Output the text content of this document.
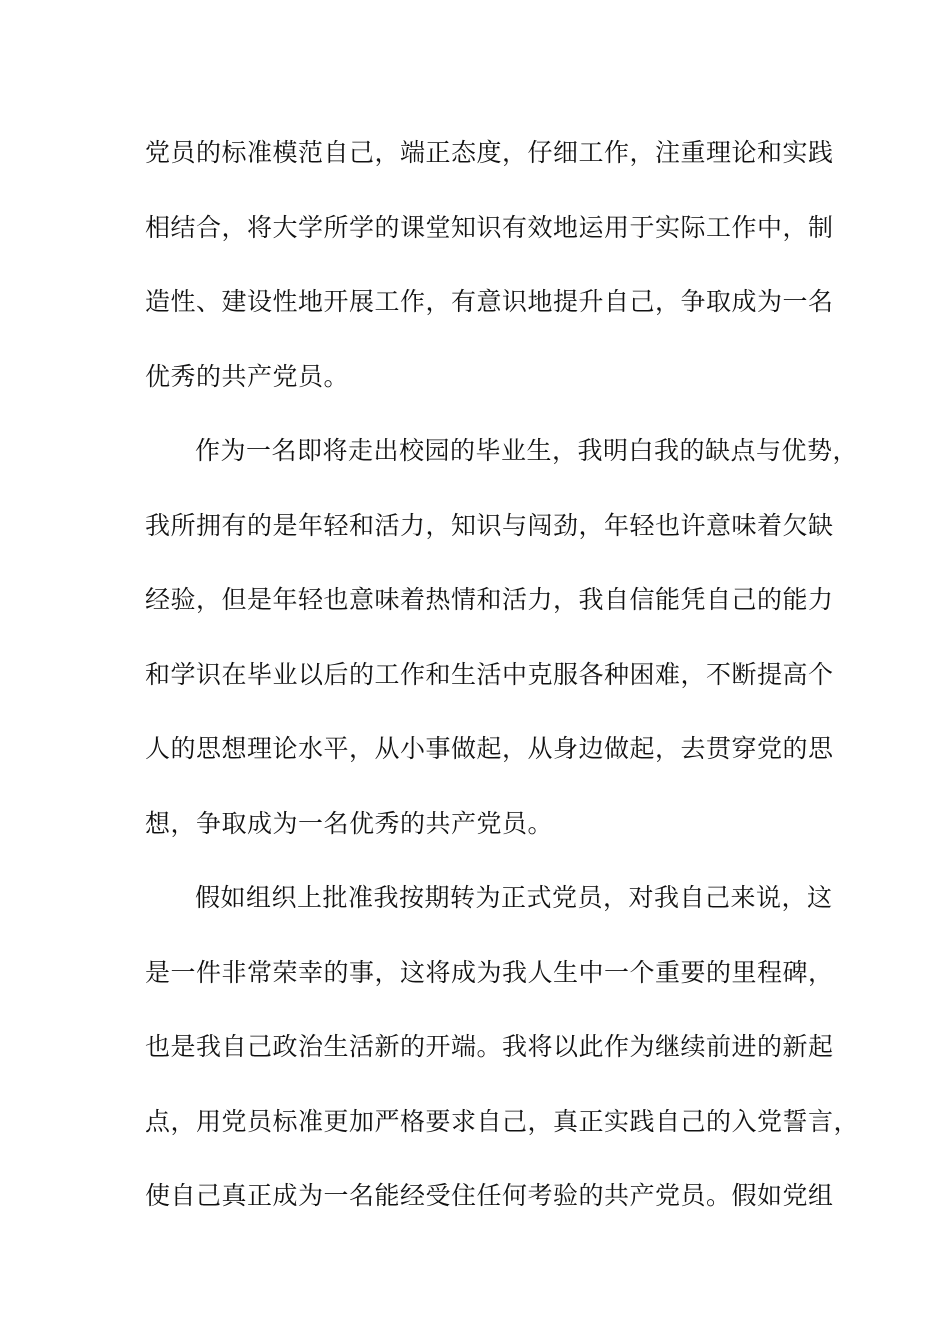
党员的标准模范自己，端正态度，仔细工作，注重理论和实践
相结合，将大学所学的课堂知识有效地运用于实际工作中，制
造性、建设性地开展工作，有意识地提升自己，争取成为一名
优秀的共产党员。
作为一名即将走出校园的毕业生，我明白我的缺点与优势，
我所拥有的是年轻和活力，知识与闯劲，年轻也许意味着欠缺
经验，但是年轻也意味着热情和活力，我自信能凭自己的能力
和学识在毕业以后的工作和生活中克服各种困难，不断提高个
人的思想理论水平，从小事做起，从身边做起，去贯穿党的思
想，争取成为一名优秀的共产党员。
假如组织上批准我按期转为正式党员，对我自己来说，这
是一件非常荣幸的事，这将成为我人生中一个重要的里程碑，
也是我自己政治生活新的开端。我将以此作为继续前进的新起
点，用党员标准更加严格要求自己，真正实践自己的入党誓言，
使自己真正成为一名能经受住任何考验的共产党员。假如党组
